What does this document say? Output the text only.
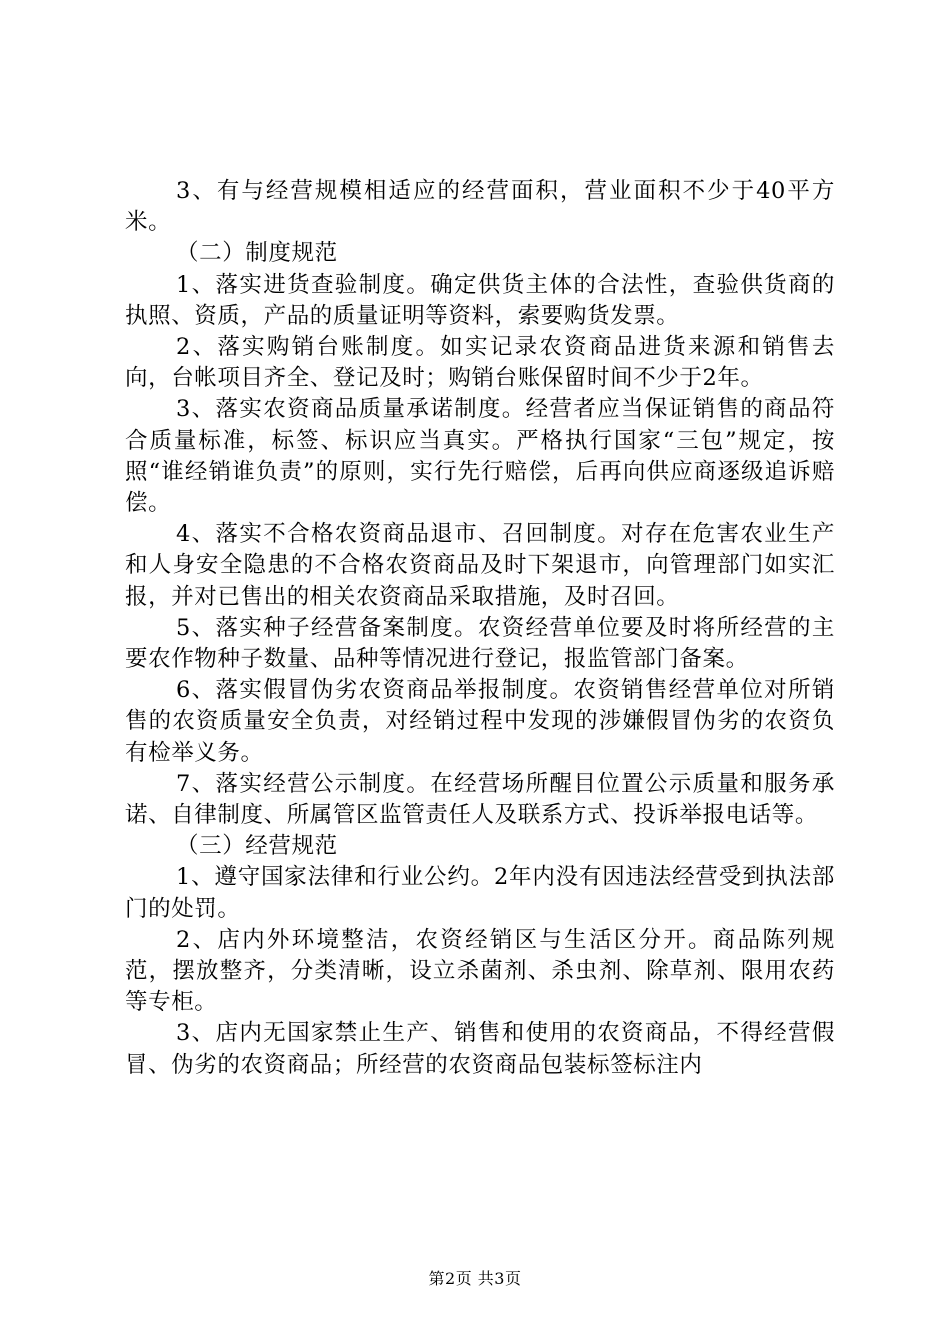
3、有与经营规模相适应的经营面积，营业面积不少于40平方米。

（二）制度规范

1、落实进货查验制度。确定供货主体的合法性，查验供货商的执照、资质，产品的质量证明等资料，索要购货发票。

2、落实购销台账制度。如实记录农资商品进货来源和销售去向，台帐项目齐全、登记及时；购销台账保留时间不少于2年。

3、落实农资商品质量承诺制度。经营者应当保证销售的商品符合质量标准，标签、标识应当真实。严格执行国家“三包”规定，按照“谁经销谁负责”的原则，实行先行赔偿，后再向供应商逐级追诉赔偿。

4、落实不合格农资商品退市、召回制度。对存在危害农业生产和人身安全隐患的不合格农资商品及时下架退市，向管理部门如实汇报，并对已售出的相关农资商品采取措施，及时召回。

5、落实种子经营备案制度。农资经营单位要及时将所经营的主要农作物种子数量、品种等情况进行登记，报监管部门备案。

6、落实假冒伪劣农资商品举报制度。农资销售经营单位对所销售的农资质量安全负责，对经销过程中发现的涉嫌假冒伪劣的农资负有检举义务。

7、落实经营公示制度。在经营场所醒目位置公示质量和服务承诺、自律制度、所属管区监管责任人及联系方式、投诉举报电话等。

（三）经营规范

1、遵守国家法律和行业公约。2年内没有因违法经营受到执法部门的处罚。

2、店内外环境整洁，农资经销区与生活区分开。商品陈列规范，摆放整齐，分类清晰，设立杀菌剂、杀虫剂、除草剂、限用农药等专柜。

3、店内无国家禁止生产、销售和使用的农资商品，不得经营假冒、伪劣的农资商品；所经营的农资商品包装标签标注内

第2页 共3页
